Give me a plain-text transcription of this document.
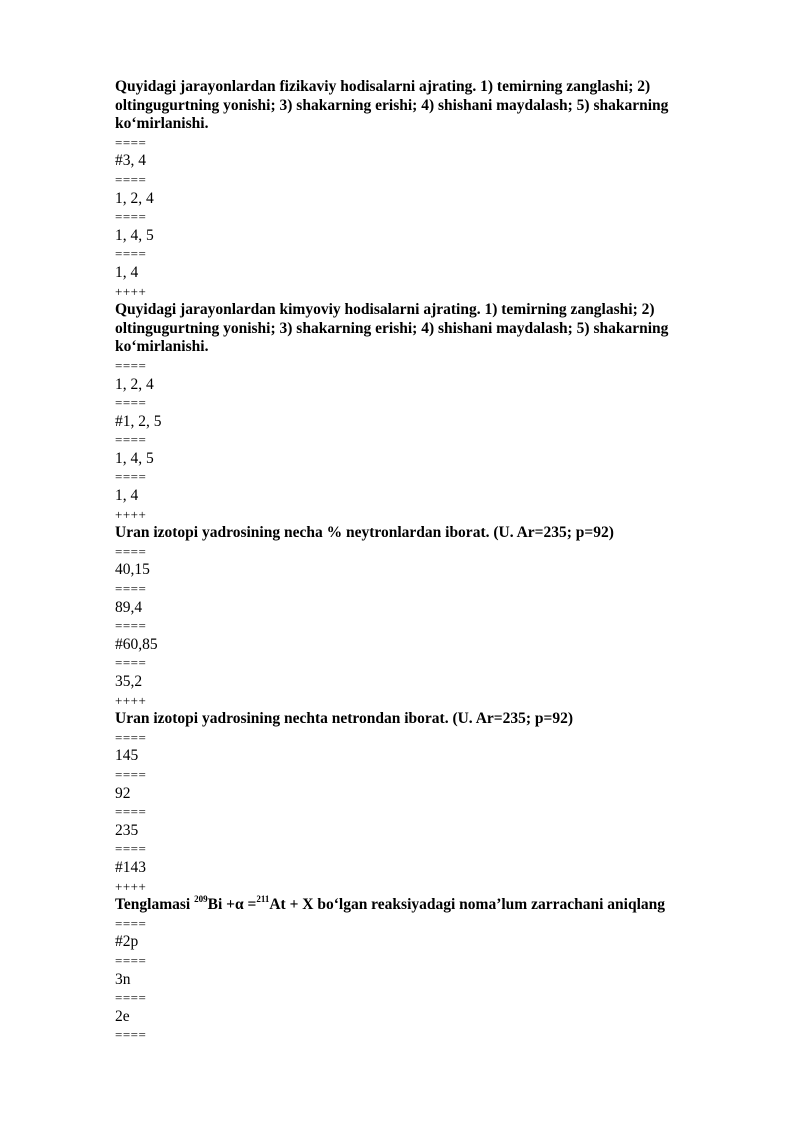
Quyidagi jarayonlardan fizikaviy hodisalarni ajrating. 1) temirning zanglashi; 2) oltingugurtning yonishi; 3) shakarning erishi; 4) shishani maydalash; 5) shakarning ko‘mirlanishi.
====
#3, 4
====
1, 2, 4
====
1, 4, 5
====
1, 4
++++
Quyidagi jarayonlardan kimyoviy hodisalarni ajrating. 1) temirning zanglashi; 2) oltingugurtning yonishi; 3) shakarning erishi; 4) shishani maydalash; 5) shakarning ko‘mirlanishi.
====
1, 2, 4
====
#1, 2, 5
====
1, 4, 5
====
1, 4
++++
Uran izotopi yadrosining necha % neytronlardan iborat. (U. Ar=235; p=92)
====
40,15
====
89,4
====
#60,85
====
35,2
++++
Uran izotopi yadrosining nechta netrondan iborat. (U. Ar=235; p=92)
====
145
====
92
====
235
====
#143
++++
Tenglamasi $^{209}$Bi +α =$^{211}$At + X bo‘lgan reaksiyadagi noma’lum zarrachani aniqlang
====
#2p
====
3n
====
2e
====
